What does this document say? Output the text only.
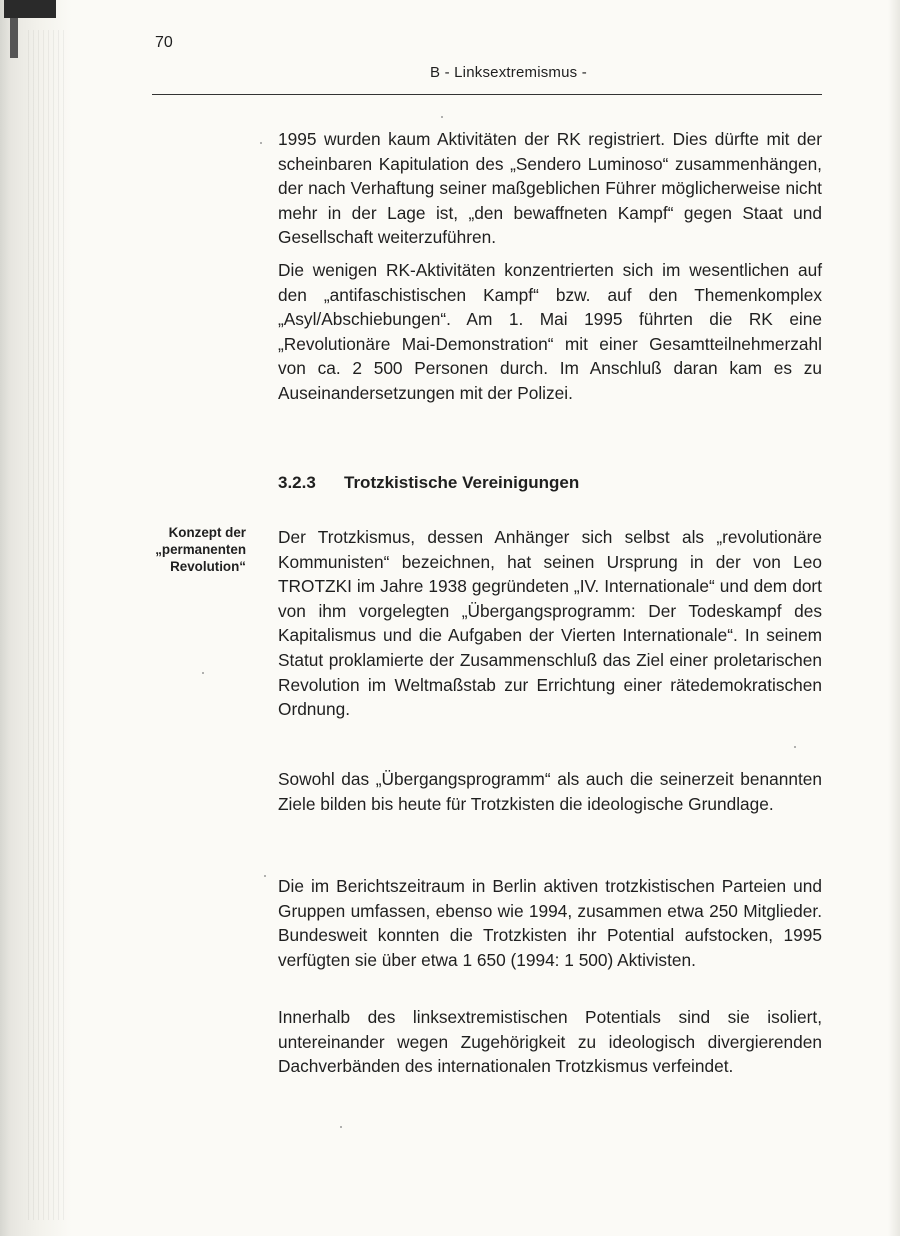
70
B - Linksextremismus -

1995 wurden kaum Aktivitäten der RK registriert. Dies dürfte mit der scheinbaren Kapitulation des „Sendero Luminoso“ zusammenhängen, der nach Verhaftung seiner maßgeblichen Führer möglicherweise nicht mehr in der Lage ist, „den bewaffneten Kampf“ gegen Staat und Gesellschaft weiterzuführen.

Die wenigen RK-Aktivitäten konzentrierten sich im wesentlichen auf den „antifaschistischen Kampf“ bzw. auf den Themenkomplex „Asyl/Abschiebungen“. Am 1. Mai 1995 führten die RK eine „Revolutionäre Mai-Demonstration“ mit einer Gesamtteilnehmerzahl von ca. 2 500 Personen durch. Im Anschluß daran kam es zu Auseinandersetzungen mit der Polizei.

3.2.3 Trotzkistische Vereinigungen

Konzept der
„permanenten
Revolution“

Der Trotzkismus, dessen Anhänger sich selbst als „revolutionäre Kommunisten“ bezeichnen, hat seinen Ursprung in der von Leo TROTZKI im Jahre 1938 gegründeten „IV. Internationale“ und dem dort von ihm vorgelegten „Übergangsprogramm: Der Todeskampf des Kapitalismus und die Aufgaben der Vierten Internationale“. In seinem Statut proklamierte der Zusammenschluß das Ziel einer proletarischen Revolution im Weltmaßstab zur Errichtung einer rätedemokratischen Ordnung.

Sowohl das „Übergangsprogramm“ als auch die seinerzeit benannten Ziele bilden bis heute für Trotzkisten die ideologische Grundlage.

Die im Berichtszeitraum in Berlin aktiven trotzkistischen Parteien und Gruppen umfassen, ebenso wie 1994, zusammen etwa 250 Mitglieder. Bundesweit konnten die Trotzkisten ihr Potential aufstocken, 1995 verfügten sie über etwa 1 650 (1994: 1 500) Aktivisten.

Innerhalb des linksextremistischen Potentials sind sie isoliert, untereinander wegen Zugehörigkeit zu ideologisch divergierenden Dachverbänden des internationalen Trotzkismus verfeindet.
